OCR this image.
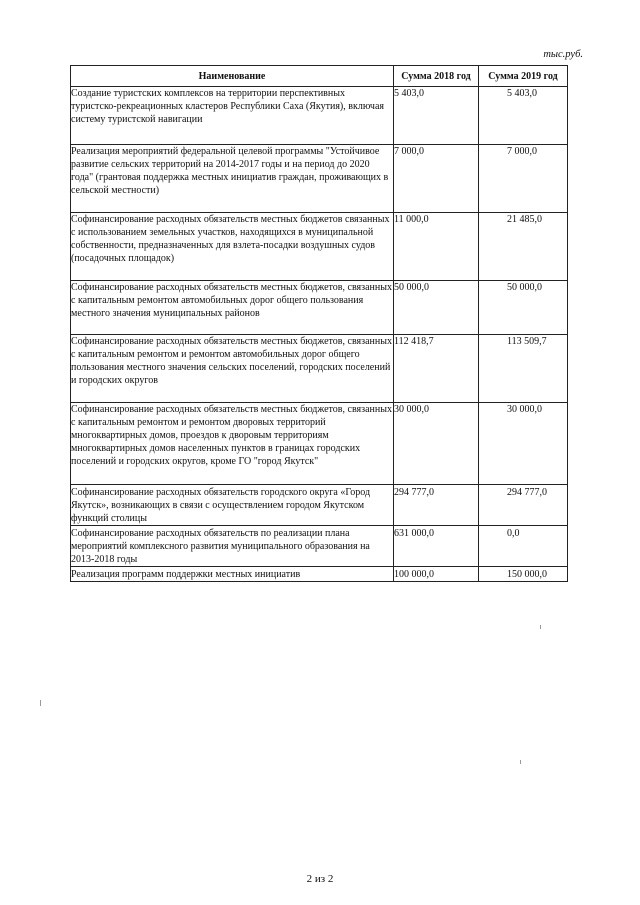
тыс.руб.
Наименование	Сумма 2018 год	Сумма 2019 год
Создание туристских комплексов на территории перспективных туристско-рекреационных кластеров Республики Саха (Якутия), включая систему туристской навигации	5 403,0	5 403,0
Реализация мероприятий федеральной целевой программы "Устойчивое развитие сельских территорий на 2014-2017 годы и на период до 2020 года" (грантовая поддержка местных инициатив граждан, проживающих в сельской местности)	7 000,0	7 000,0
Софинансирование расходных обязательств местных бюджетов связанных с использованием земельных участков, находящихся в муниципальной собственности, предназначенных для взлета-посадки воздушных судов (посадочных площадок)	11 000,0	21 485,0
Софинансирование расходных обязательств местных бюджетов, связанных с капитальным ремонтом автомобильных дорог общего пользования местного значения муниципальных районов	50 000,0	50 000,0
Софинансирование расходных обязательств местных бюджетов, связанных с капитальным ремонтом и ремонтом автомобильных дорог общего пользования местного значения сельских поселений, городских поселений и городских округов	112 418,7	113 509,7
Софинансирование расходных обязательств местных бюджетов, связанных с капитальным ремонтом и ремонтом дворовых территорий многоквартирных домов, проездов к дворовым территориям многоквартирных домов населенных пунктов в границах городских поселений и городских округов, кроме ГО "город Якутск"	30 000,0	30 000,0
Софинансирование расходных обязательств городского округа «Город Якутск», возникающих в связи с осуществлением городом Якутском функций столицы	294 777,0	294 777,0
Софинансирование расходных обязательств по реализации плана мероприятий комплексного развития муниципального образования на 2013-2018 годы	631 000,0	0,0
Реализация программ поддержки местных инициатив	100 000,0	150 000,0
2 из 2
